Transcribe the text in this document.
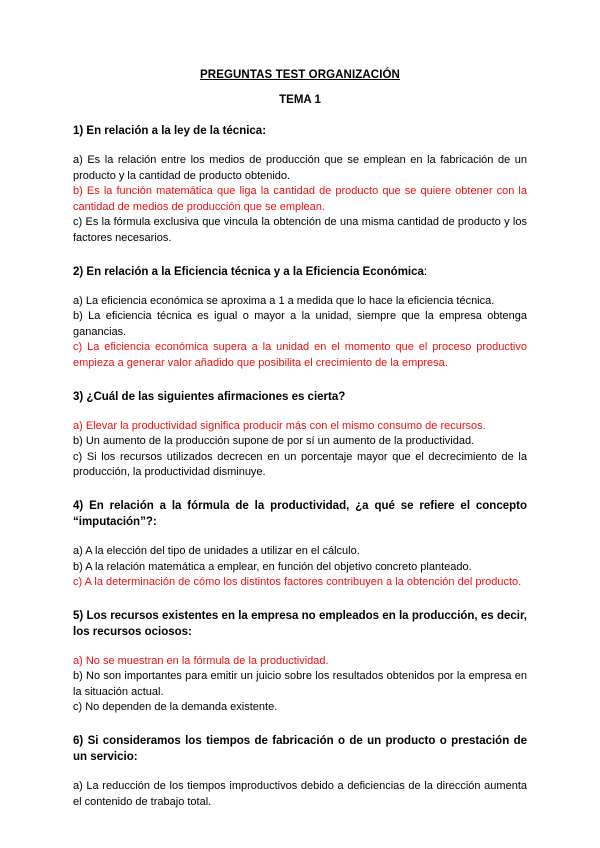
PREGUNTAS TEST ORGANIZACIÓN
TEMA 1
1) En relación a la ley de la técnica:
a) Es la relación entre los medios de producción que se emplean en la fabricación de un producto y la cantidad de producto obtenido.
b) Es la función matemática que liga la cantidad de producto que se quiere obtener con la cantidad de medios de producción que se emplean.
c) Es la fórmula exclusiva que vincula la obtención de una misma cantidad de producto y los factores necesarios.
2) En relación a la Eficiencia técnica y a la Eficiencia Económica:
a) La eficiencia económica se aproxima a 1 a medida que lo hace la eficiencia técnica.
b) La eficiencia técnica es igual o mayor a la unidad, siempre que la empresa obtenga ganancias.
c) La eficiencia económica supera a la unidad en el momento que el proceso productivo empieza a generar valor añadido que posibilita el crecimiento de la empresa.
3) ¿Cuál de las siguientes afirmaciones es cierta?
a) Elevar la productividad significa producir más con el mismo consumo de recursos.
b) Un aumento de la producción supone de por sí un aumento de la productividad.
c) Si los recursos utilizados decrecen en un porcentaje mayor que el decrecimiento de la producción, la productividad disminuye.
4) En relación a la fórmula de la productividad, ¿a qué se refiere el concepto “imputación”?:
a) A la elección del tipo de unidades a utilizar en el cálculo.
b) A la relación matemática a emplear, en función del objetivo concreto planteado.
c) A la determinación de cómo los distintos factores contribuyen a la obtención del producto.
5) Los recursos existentes en la empresa no empleados en la producción, es decir, los recursos ociosos:
a) No se muestran en la fórmula de la productividad.
b) No son importantes para emitir un juicio sobre los resultados obtenidos por la empresa en la situación actual.
c) No dependen de la demanda existente.
6) Si consideramos los tiempos de fabricación o de un producto o prestación de un servicio:
a) La reducción de los tiempos improductivos debido a deficiencias de la dirección aumenta el contenido de trabajo total.
